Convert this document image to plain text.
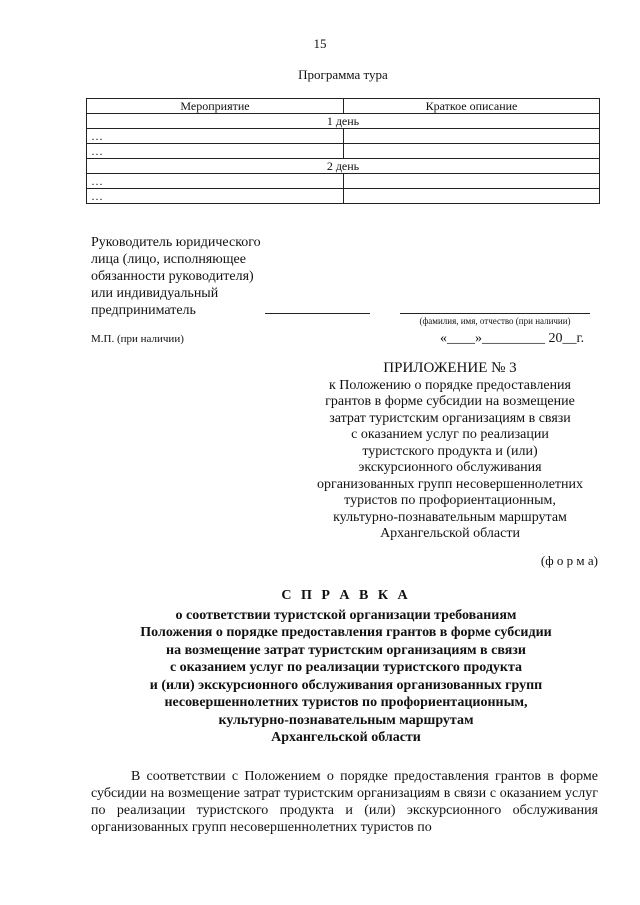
15
Программа тура
Мероприятие	Краткое описание
1 день	
…	
…	
2 день	
…	
…	
Руководитель юридического
лица (лицо, исполняющее
обязанности руководителя)
или индивидуальный
предприниматель
(фамилия, имя, отчество (при наличии)
М.П. (при наличии)	«____»_________ 20__г.
ПРИЛОЖЕНИЕ № 3
к Положению о порядке предоставления
грантов в форме субсидии на возмещение
затрат туристским организациям в связи
с оказанием услуг по реализации
туристского продукта и (или)
экскурсионного обслуживания
организованных групп несовершеннолетних
туристов по профориентационным,
культурно-познавательным маршрутам
Архангельской области
(ф о р м а)
С П Р А В К А
о соответствии туристской организации требованиям
Положения о порядке предоставления грантов в форме субсидии
на возмещение затрат туристским организациям в связи
с оказанием услуг по реализации туристского продукта
и (или) экскурсионного обслуживания организованных групп
несовершеннолетних туристов по профориентационным,
культурно-познавательным маршрутам
Архангельской области
В соответствии с Положением о порядке предоставления грантов в форме субсидии на возмещение затрат туристским организациям в связи с оказанием услуг по реализации туристского продукта и (или) экскурсионного обслуживания организованных групп несовершеннолетних туристов по
